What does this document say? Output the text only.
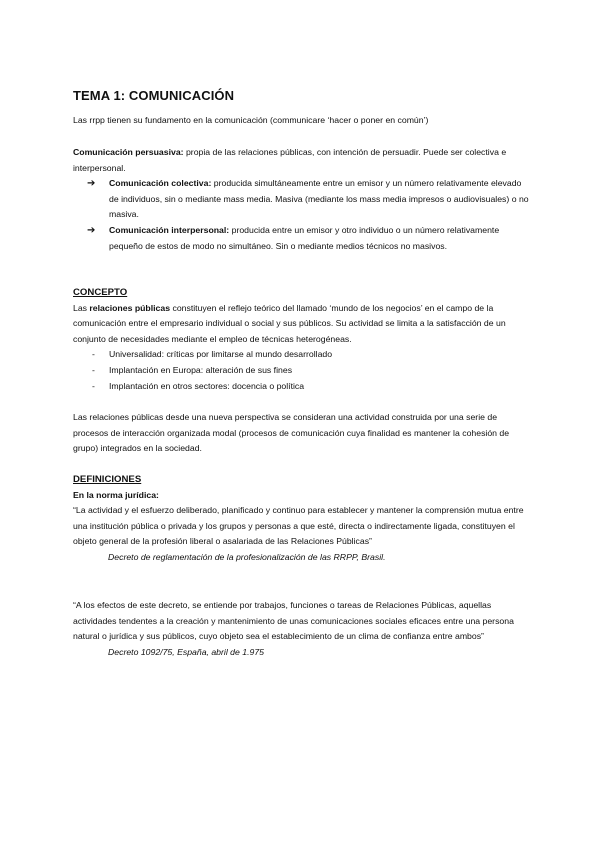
TEMA 1: COMUNICACIÓN

Las rrpp tienen su fundamento en la comunicación (communicare ‘hacer o poner en común’)

Comunicación persuasiva: propia de las relaciones públicas, con intención de persuadir. Puede ser colectiva e interpersonal.

➔ Comunicación colectiva: producida simultáneamente entre un emisor y un número relativamente elevado de individuos, sin o mediante mass media. Masiva (mediante los mass media impresos o audiovisuales) o no masiva.
➔ Comunicación interpersonal: producida entre un emisor y otro individuo o un número relativamente pequeño de estos de modo no simultáneo. Sin o mediante medios técnicos no masivos.

CONCEPTO

Las relaciones públicas constituyen el reflejo teórico del llamado ‘mundo de los negocios’ en el campo de la comunicación entre el empresario individual o social y sus públicos. Su actividad se limita a la satisfacción de un conjunto de necesidades mediante el empleo de técnicas heterogéneas.

- Universalidad: críticas por limitarse al mundo desarrollado
- Implantación en Europa: alteración de sus fines
- Implantación en otros sectores: docencia o política

Las relaciones públicas desde una nueva perspectiva se consideran una actividad construida por una serie de procesos de interacción organizada modal (procesos de comunicación cuya finalidad es mantener la cohesión de grupo) integrados en la sociedad.

DEFINICIONES

En la norma jurídica:

“La actividad y el esfuerzo deliberado, planificado y continuo para establecer y mantener la comprensión mutua entre una institución pública o privada y los grupos y personas a que esté, directa o indirectamente ligada, constituyen el objeto general de la profesión liberal o asalariada de las Relaciones Públicas”

Decreto de reglamentación de la profesionalización de las RRPP, Brasil.

“A los efectos de este decreto, se entiende por trabajos, funciones o tareas de Relaciones Públicas, aquellas actividades tendentes a la creación y mantenimiento de unas comunicaciones sociales eficaces entre una persona natural o jurídica y sus públicos, cuyo objeto sea el establecimiento de un clima de confianza entre ambos”

Decreto 1092/75, España, abril de 1.975
